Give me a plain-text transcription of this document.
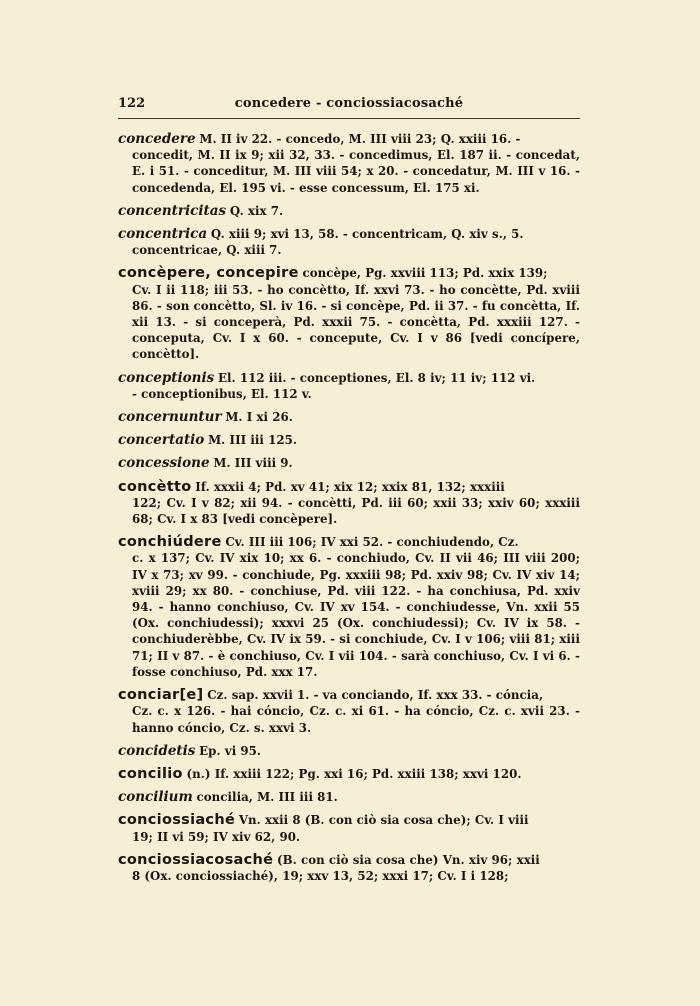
122	concedere - conciossiacosaché
concedere M. II iv 22. - concedo, M. III viii 23; Q. xxiii 16. -
concedit, M. II ix 9; xii 32, 33. - concedimus, El. 187 ii. - concedat, E. i 51. - conceditur, M. III viii 54; x 20. - concedatur, M. III v 16. - concedenda, El. 195 vi. - esse concessum, El. 175 xi.
concentricitas Q. xix 7.
concentrica Q. xiii 9; xvi 13, 58. - concentricam, Q. xiv s., 5.
concentricae, Q. xiii 7.
concèpere, concepire concèpe, Pg. xxviii 113; Pd. xxix 139;
Cv. I ii 118; iii 53. - ho concètto, If. xxvi 73. - ho concètte, Pd. xviii 86. - son concètto, Sl. iv 16. - si concèpe, Pd. ii 37. - fu concètta, If. xii 13. - si conceperà, Pd. xxxii 75. - concètta, Pd. xxxiii 127. - conceputa, Cv. I x 60. - concepute, Cv. I v 86 [vedi concípere, concètto].
conceptionis El. 112 iii. - conceptiones, El. 8 iv; 11 iv; 112 vi.
- conceptionibus, El. 112 v.
concernuntur M. I xi 26.
concertatio M. III iii 125.
concessione M. III viii 9.
concètto If. xxxii 4; Pd. xv 41; xix 12; xxix 81, 132; xxxiii
122; Cv. I v 82; xii 94. - concètti, Pd. iii 60; xxii 33; xxiv 60; xxxiii 68; Cv. I x 83 [vedi concèpere].
conchiúdere Cv. III iii 106; IV xxi 52. - conchiudendo, Cz.
c. x 137; Cv. IV xix 10; xx 6. - conchiudo, Cv. II vii 46; III viii 200; IV x 73; xv 99. - conchiude, Pg. xxxiii 98; Pd. xxiv 98; Cv. IV xiv 14; xviii 29; xx 80. - conchiuse, Pd. viii 122. - ha conchiusa, Pd. xxiv 94. - hanno conchiuso, Cv. IV xv 154. - conchiudesse, Vn. xxii 55 (Ox. conchiudessi); xxxvi 25 (Ox. conchiudessi); Cv. IV ix 58. - conchiuderèbbe, Cv. IV ix 59. - si conchiude, Cv. I v 106; viii 81; xiii 71; II v 87. - è conchiuso, Cv. I vii 104. - sarà conchiuso, Cv. I vi 6. - fosse conchiuso, Pd. xxx 17.
conciar[e] Cz. sap. xxvii 1. - va conciando, If. xxx 33. - cóncia,
Cz. c. x 126. - hai cóncio, Cz. c. xi 61. - ha cóncio, Cz. c. xvii 23. - hanno cóncio, Cz. s. xxvi 3.
concidetis Ep. vi 95.
concilio (n.) If. xxiii 122; Pg. xxi 16; Pd. xxiii 138; xxvi 120.
concilium concilia, M. III iii 81.
conciossiaché Vn. xxii 8 (B. con ciò sia cosa che); Cv. I viii
19; II vi 59; IV xiv 62, 90.
conciossiacosaché (B. con ciò sia cosa che) Vn. xiv 96; xxii
8 (Ox. conciossiaché), 19; xxv 13, 52; xxxi 17; Cv. I i 128;
